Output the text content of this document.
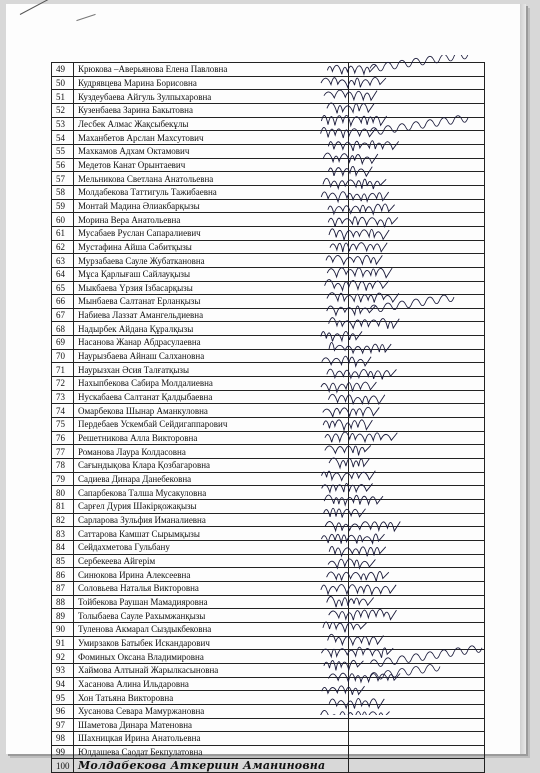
49	Крюкова –Аверьянова Елена Павловна	
50	Кудрявцева Марина Борисовна	
51	Куздеубаева Айгуль Зулпыхаровна	
52	Кузенбаева Зарина Бакытовна	
53	Лесбек Алмас Жақсыбекұлы	
54	Маханбетов Арслан Махсутович	
55	Махкамов Адхам Октамович	
56	Медетов Канат Орынтаевич	
57	Мельникова Светлана Анатольевна	
58	Молдабекова Таттигуль Тажибаевна	
59	Монтай Мадина Әлиакбарқызы	
60	Морина Вера Анатольевна	
61	Мусабаев Руслан Сапаралиевич	
62	Мустафина Айша Сәбитқызы	
63	Мурзабаева Сауле Жубаткановна	
64	Мұса Қарлығаш Сайлауқызы	
65	Мыкбаева Үрзия Ізбасарқызы	
66	Мынбаева Салтанат Ерланқызы	
67	Набиева Лаззат Амангельдиевна	
68	Надырбек Айдана Құралқызы	
69	Насанова Жанар Абдрасулаевна	
70	Наурызбаева Айнаш Салхановна	
71	Наурызхан Әсия Талғатқызы	
72	Нахыпбекова Сабира Молдалиевна	
73	Нускабаева Салтанат Қалдыбаевна	
74	Омарбекова Шынар Аманкуловна	
75	Пердебаев Ускембай Сейдигаппарович	
76	Решетникова Алла Викторовна	
77	Романова Лаура Колдасовна	
78	Сағындықова Клара Қозбагаровна	
79	Садиева Динара Данебековна	
80	Сапарбекова Талша Мусакуловна	
81	Сарғел Дурия Шәкірқожақызы	
82	Сарларова Зульфия Иманалиевна	
83	Саттарова Камшат Сырымқызы	
84	Сейдахметова Гульбану	
85	Сербекеева Айгерім	
86	Синюкова Ирина Алексеевна	
87	Соловьева Наталья Викторовна	
88	Тойбекова Раушан Мамадияровна	
89	Толыбаева Сауле Рахымжанқызы	
90	Туленова Акмарал Сыздыкбековна	
91	Умирзаков Батыбек Искандарович	
92	Фоминых Оксана Владимировна	
93	Хаймова Алтынай Жарылкасыновна	
94	Хасанова Алина Ильдаровна	
95	Хон Татьяна Викторовна	
96	Хусанова Севара Мамуржановна	
97	Шаметова Динара Матеновна	
98	Шахницкая Ирина Анатольевна	
99	Юлдашева Саодат Бекпулатовна	
100	Молдабекова Аткериин Аманиновна	
